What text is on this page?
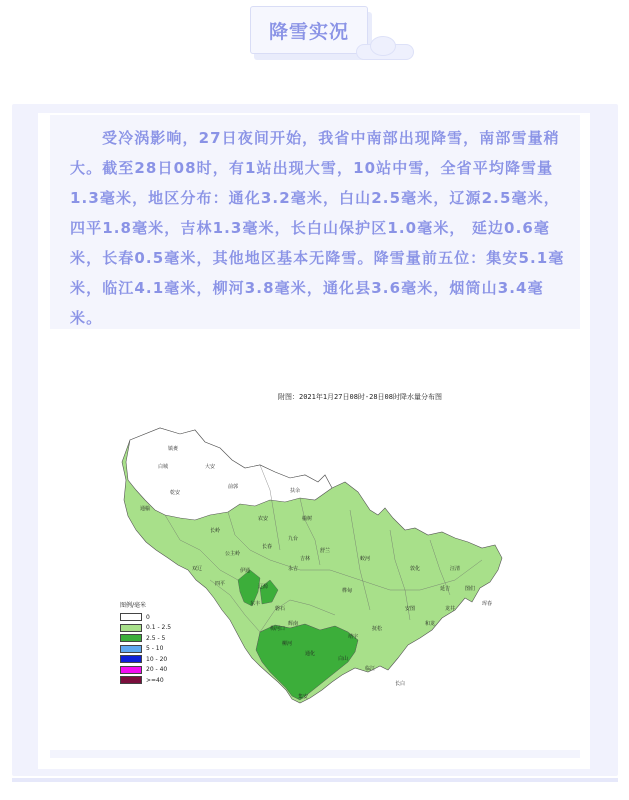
降雪实况

受冷涡影响，27日夜间开始，我省中南部出现降雪，南部雪量稍大。截至28日08时，有1站出现大雪，10站中雪，全省平均降雪量1.3毫米，地区分布：通化3.2毫米，白山2.5毫米，辽源2.5毫米，四平1.8毫米，吉林1.3毫米，长白山保护区1.0毫米， 延边0.6毫米，长春0.5毫米，其他地区基本无降雪。降雪量前五位：集安5.1毫米，临江4.1毫米，柳河3.8毫米，通化县3.6毫米，烟筒山3.4毫米。

附图：2021年1月27日08时-28日08时降水量分布图
镇赉
大安
白城
乾安
前郭
通榆
扶余
长岭
农安	榆树
长春
公主岭
双辽
四平
伊通
九台
舒兰
吉林
永吉
蛟河
桦甸
敦化	汪清
图们
珲春
延吉
龙井
和龙
安图
抚松
靖宇
辽源
东丰
磐石
辉南
梅河口
柳河
通化
白山
临江
长白
集安
图例/毫米
0
0.1 - 2.5
2.5 - 5
5 - 10
10 - 20
20 - 40
>=40
